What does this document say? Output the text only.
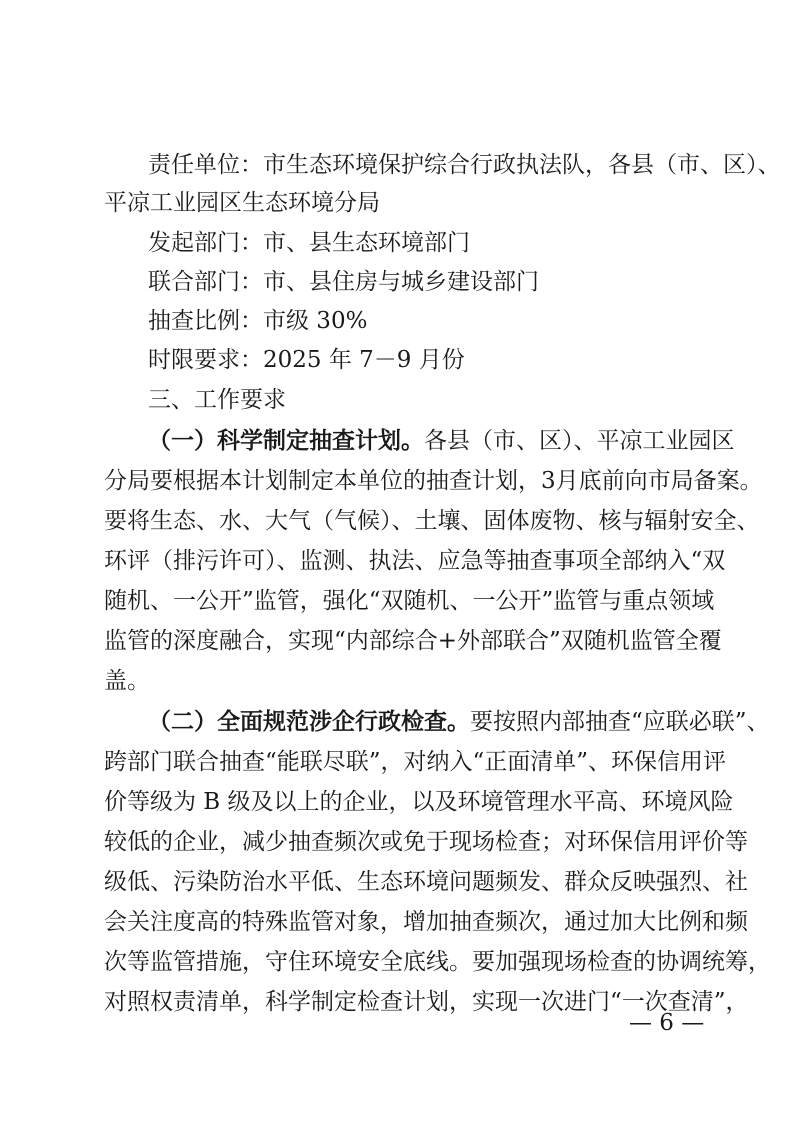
责任单位：市生态环境保护综合行政执法队，各县（市、区）、
平凉工业园区生态环境分局
发起部门：市、县生态环境部门
联合部门：市、县住房与城乡建设部门
抽查比例：市级 30%
时限要求：2025 年 7－9 月份
三、工作要求
（一）科学制定抽查计划。各县（市、区）、平凉工业园区
分局要根据本计划制定本单位的抽查计划，3月底前向市局备案。
要将生态、水、大气（气候）、土壤、固体废物、核与辐射安全、
环评（排污许可）、监测、执法、应急等抽查事项全部纳入“双
随机、一公开”监管，强化“双随机、一公开”监管与重点领域
监管的深度融合，实现“内部综合+外部联合”双随机监管全覆
盖。
（二）全面规范涉企行政检查。要按照内部抽查“应联必联”、
跨部门联合抽查“能联尽联”，对纳入“正面清单”、环保信用评
价等级为 B 级及以上的企业，以及环境管理水平高、环境风险
较低的企业，减少抽查频次或免于现场检查；对环保信用评价等
级低、污染防治水平低、生态环境问题频发、群众反映强烈、社
会关注度高的特殊监管对象，增加抽查频次，通过加大比例和频
次等监管措施，守住环境安全底线。要加强现场检查的协调统筹，
对照权责清单，科学制定检查计划，实现一次进门“一次查清”，
— 6 —
